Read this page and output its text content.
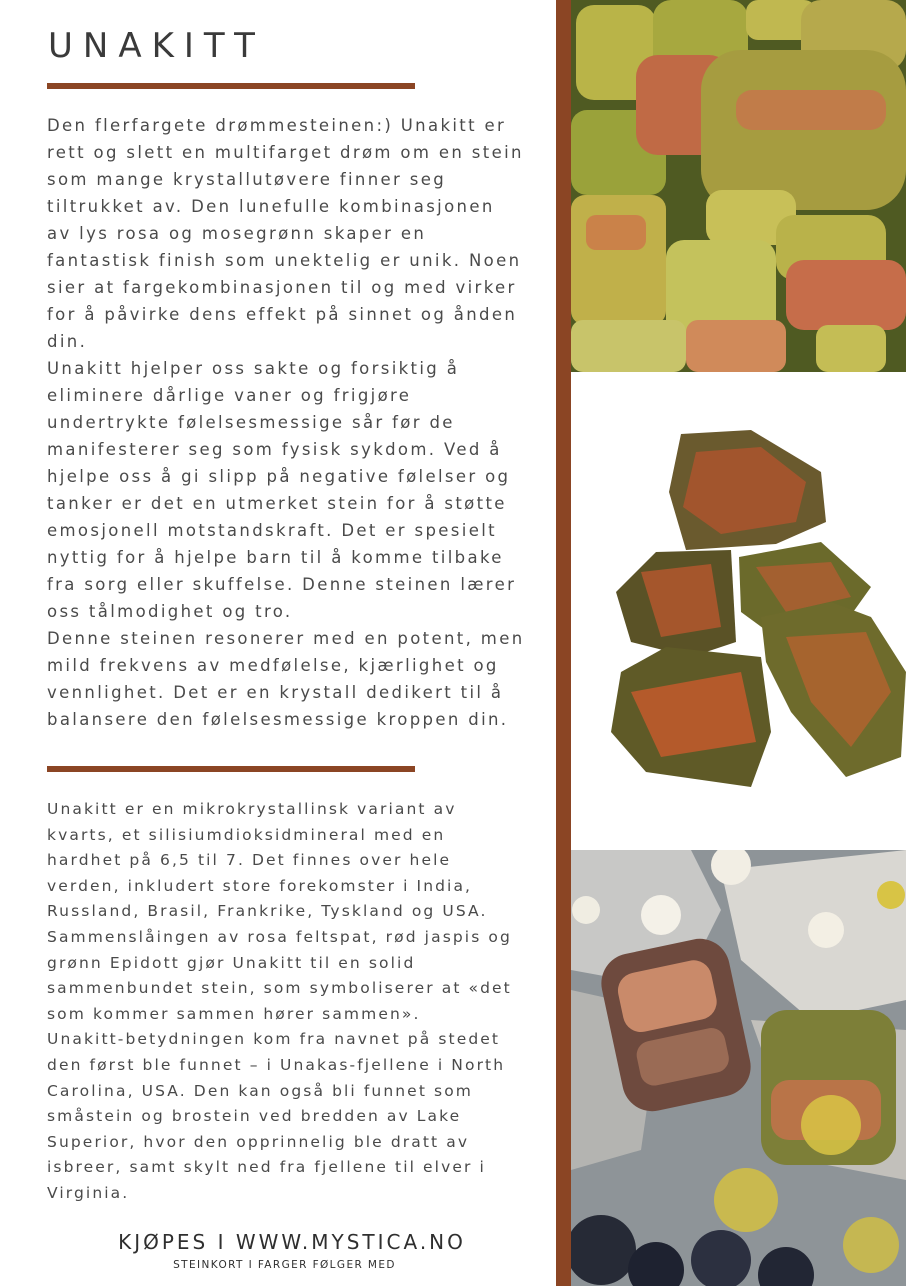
UNAKITT
Den flerfargete drømmesteinen:) Unakitt er
rett og slett en multifarget drøm om en stein
som mange krystallutøvere finner seg
tiltrukket av. Den lunefulle kombinasjonen
av lys rosa og mosegrønn skaper en
fantastisk finish som unektelig er unik. Noen
sier at fargekombinasjonen til og med virker
for å påvirke dens effekt på sinnet og ånden
din.
Unakitt hjelper oss sakte og forsiktig å
eliminere dårlige vaner og frigjøre
undertrykte følelsesmessige sår før de
manifesterer seg som fysisk sykdom. Ved å
hjelpe oss å gi slipp på negative følelser og
tanker er det en utmerket stein for å støtte
emosjonell motstandskraft. Det er spesielt
nyttig for å hjelpe barn til å komme tilbake
fra sorg eller skuffelse. Denne steinen lærer
oss tålmodighet og tro.
Denne steinen resonerer med en potent, men
mild frekvens av medfølelse, kjærlighet og
vennlighet. Det er en krystall dedikert til å
balansere den følelsesmessige kroppen din.
Unakitt er en mikrokrystallinsk variant av
kvarts, et silisiumdioksidmineral med en
hardhet på 6,5 til 7. Det finnes over hele
verden, inkludert store forekomster i India,
Russland, Brasil, Frankrike, Tyskland og USA.
Sammenslåingen av rosa feltspat, rød jaspis og
grønn Epidott gjør Unakitt til en solid
sammenbundet stein, som symboliserer at «det
som kommer sammen hører sammen».
Unakitt-betydningen kom fra navnet på stedet
den først ble funnet – i Unakas-fjellene i North
Carolina, USA. Den kan også bli funnet som
småstein og brostein ved bredden av Lake
Superior, hvor den opprinnelig ble dratt av
isbreer, samt skylt ned fra fjellene til elver i
Virginia.
KJØPES I WWW.MYSTICA.NO
STEINKORT I FARGER FØLGER MED
